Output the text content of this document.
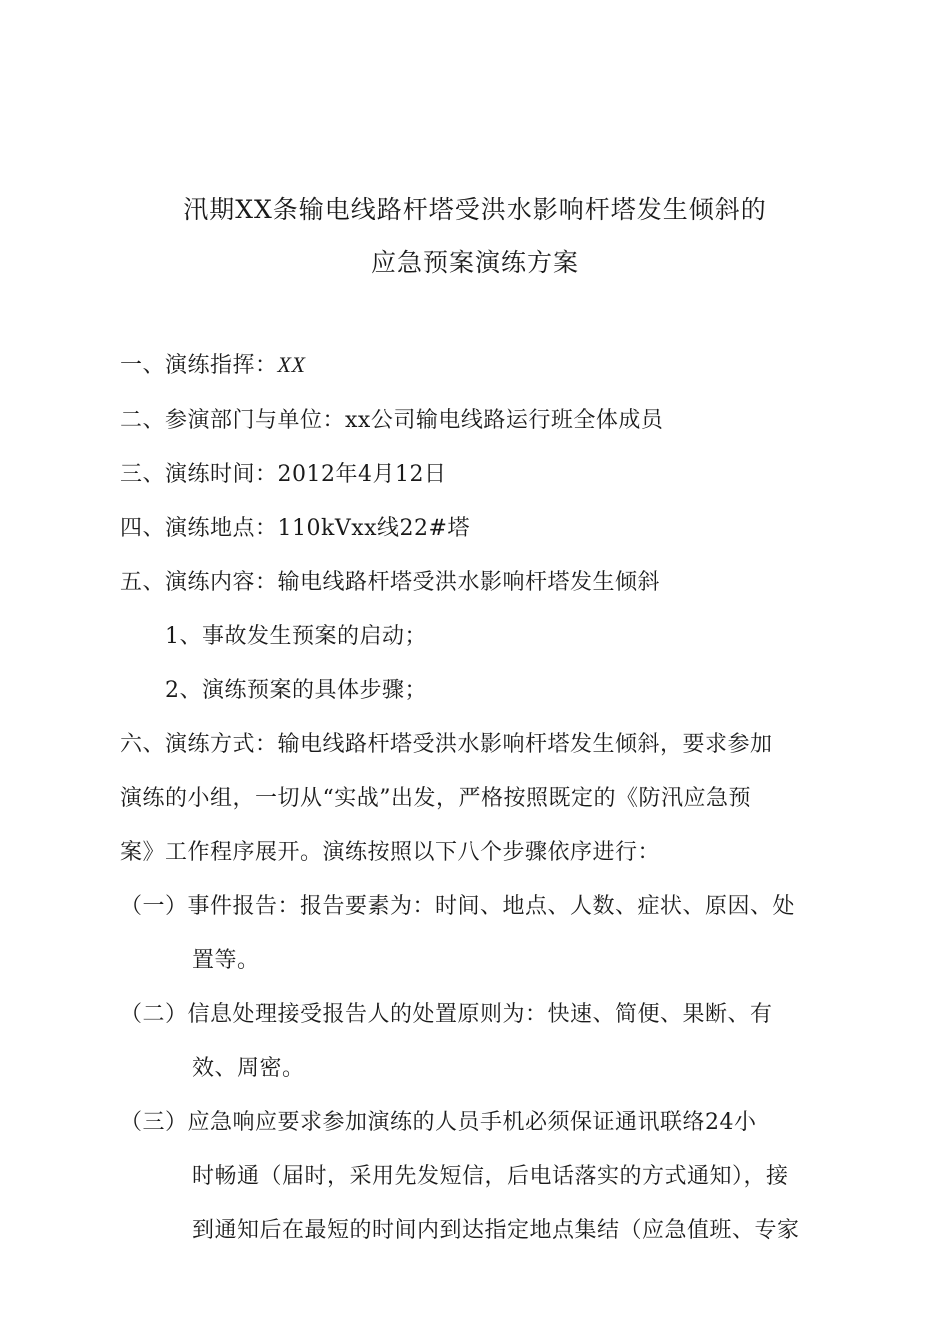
汛期XX条输电线路杆塔受洪水影响杆塔发生倾斜的
应急预案演练方案
一、演练指挥：XX
二、参演部门与单位：xx公司输电线路运行班全体成员
三、演练时间：2012年4月12日
四、演练地点：110kVxx线22#塔
五、演练内容：输电线路杆塔受洪水影响杆塔发生倾斜
1、事故发生预案的启动；
2、演练预案的具体步骤；
六、演练方式：输电线路杆塔受洪水影响杆塔发生倾斜，要求参加
演练的小组，一切从“实战”出发，严格按照既定的《防汛应急预
案》工作程序展开。演练按照以下八个步骤依序进行：
（一）事件报告：报告要素为：时间、地点、人数、症状、原因、处
置等。
（二）信息处理接受报告人的处置原则为：快速、简便、果断、有
效、周密。
（三）应急响应要求参加演练的人员手机必须保证通讯联络24小
时畅通（届时，采用先发短信，后电话落实的方式通知），接
到通知后在最短的时间内到达指定地点集结（应急值班、专家
